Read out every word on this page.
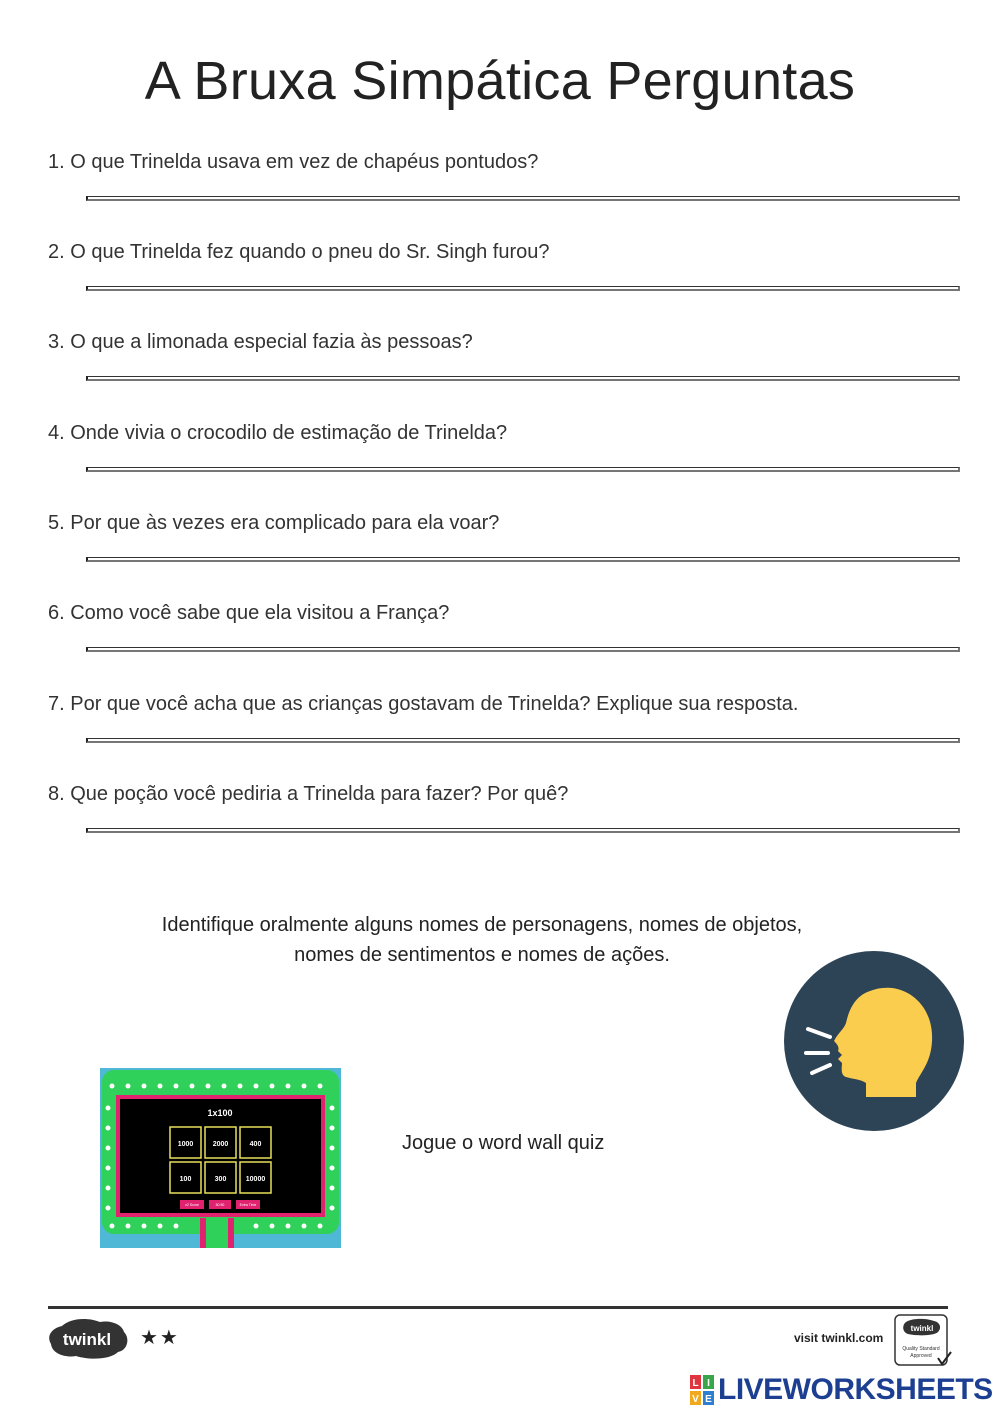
A Bruxa Simpática Perguntas
1. O que Trinelda usava em vez de chapéus pontudos?
2. O que Trinelda fez quando o pneu do Sr. Singh furou?
3. O que a limonada especial fazia às pessoas?
4. Onde vivia o crocodilo de estimação de Trinelda?
5. Por que às vezes era complicado para ela voar?
6. Como você sabe que ela visitou a França?
7. Por que você acha que as crianças gostavam de Trinelda? Explique sua resposta.
8. Que poção você pediria a Trinelda para fazer? Por quê?
Identifique oralmente alguns nomes de personagens, nomes de objetos,
nomes de sentimentos e nomes de ações.
1x100
1000	2000	400
100	300	10000
x2 Score	50:50	Extra Time
Jogue o word wall quiz
twinkl ★★	visit twinkl.com
twinkl
Quality Standard
Approved
L I
V E LIVEWORKSHEETS
